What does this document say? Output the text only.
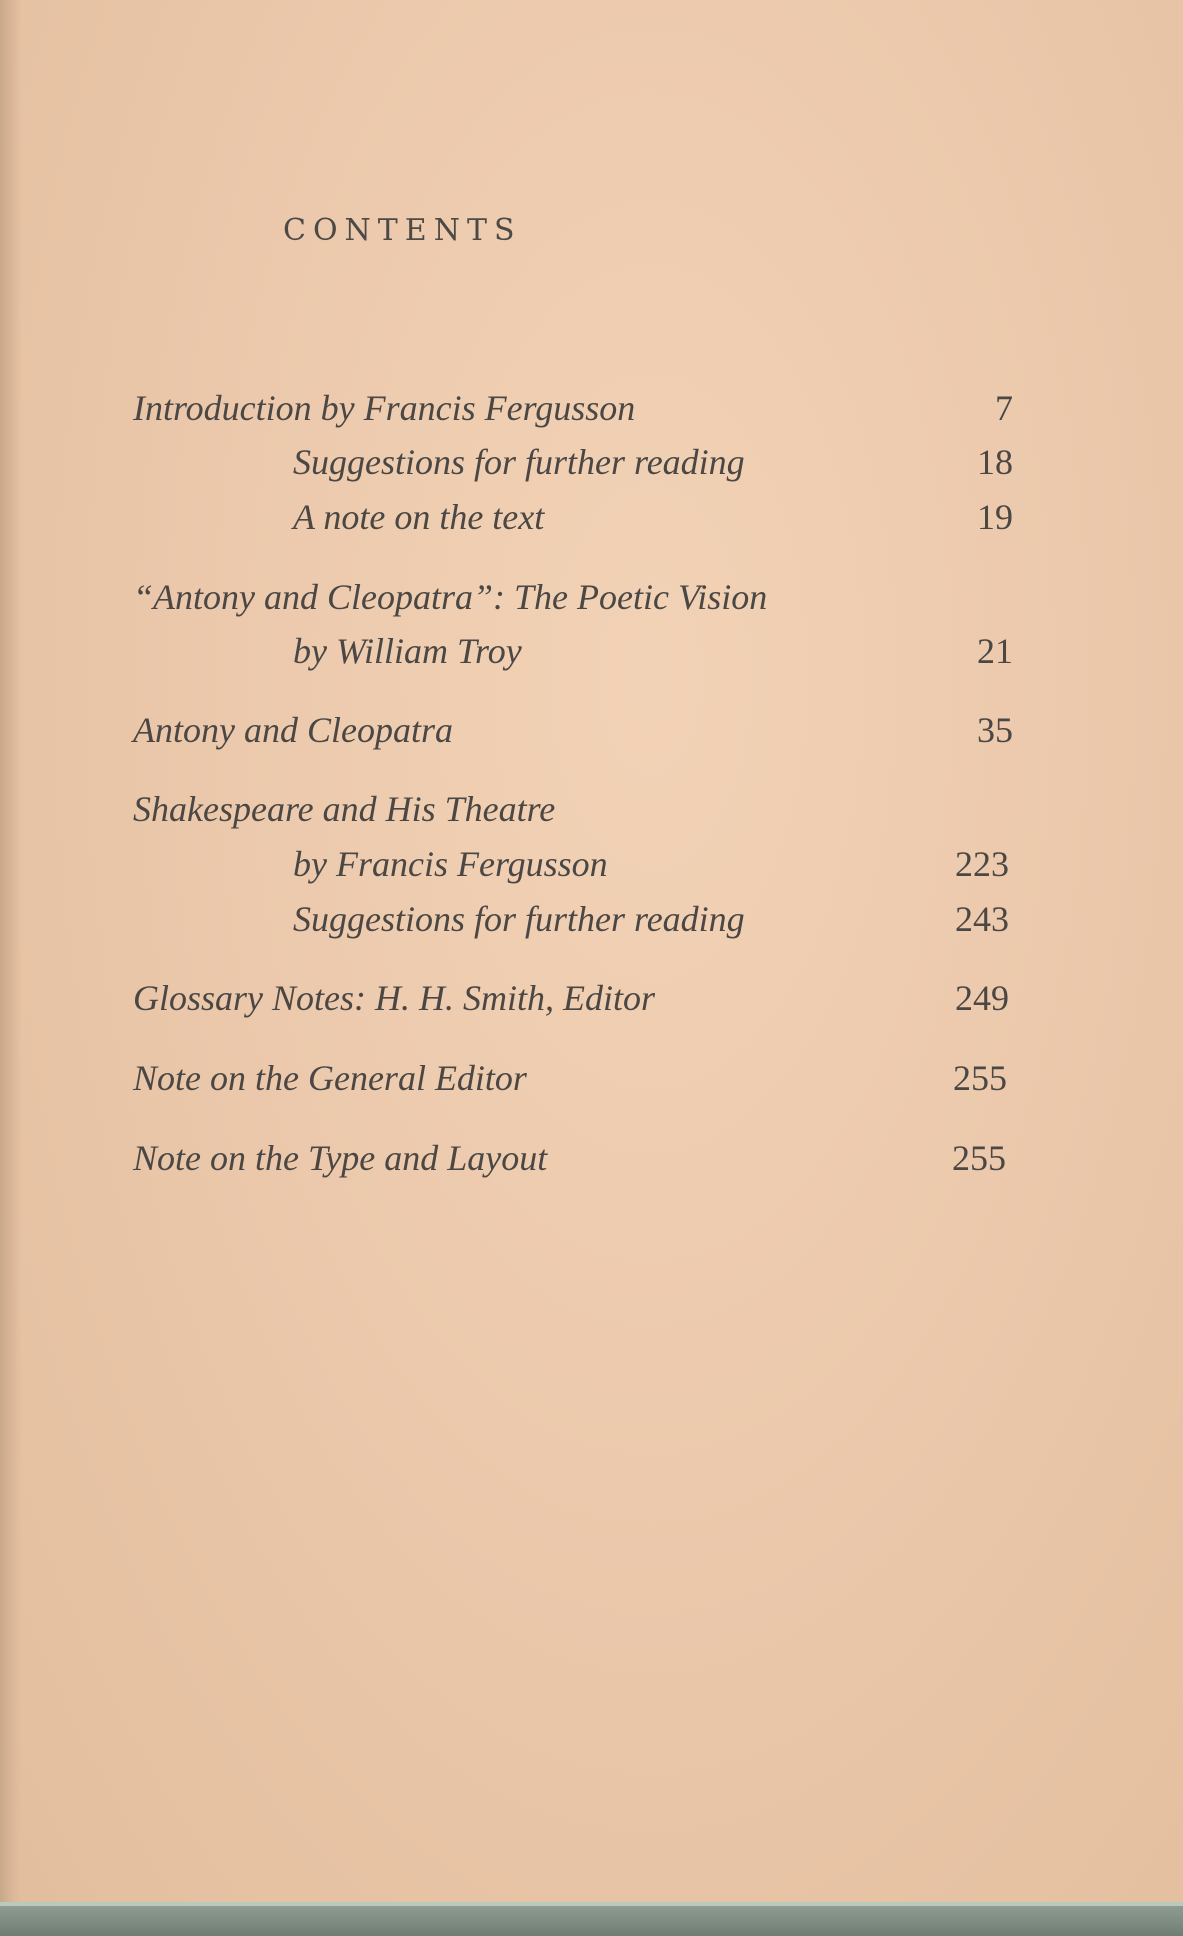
CONTENTS
Introduction by Francis Fergusson	7
Suggestions for further reading	18
A note on the text	19
“Antony and Cleopatra”: The Poetic Vision
by William Troy	21
Antony and Cleopatra	35
Shakespeare and His Theatre
by Francis Fergusson	223
Suggestions for further reading	243
Glossary Notes: H. H. Smith, Editor	249
Note on the General Editor	255
Note on the Type and Layout	255
